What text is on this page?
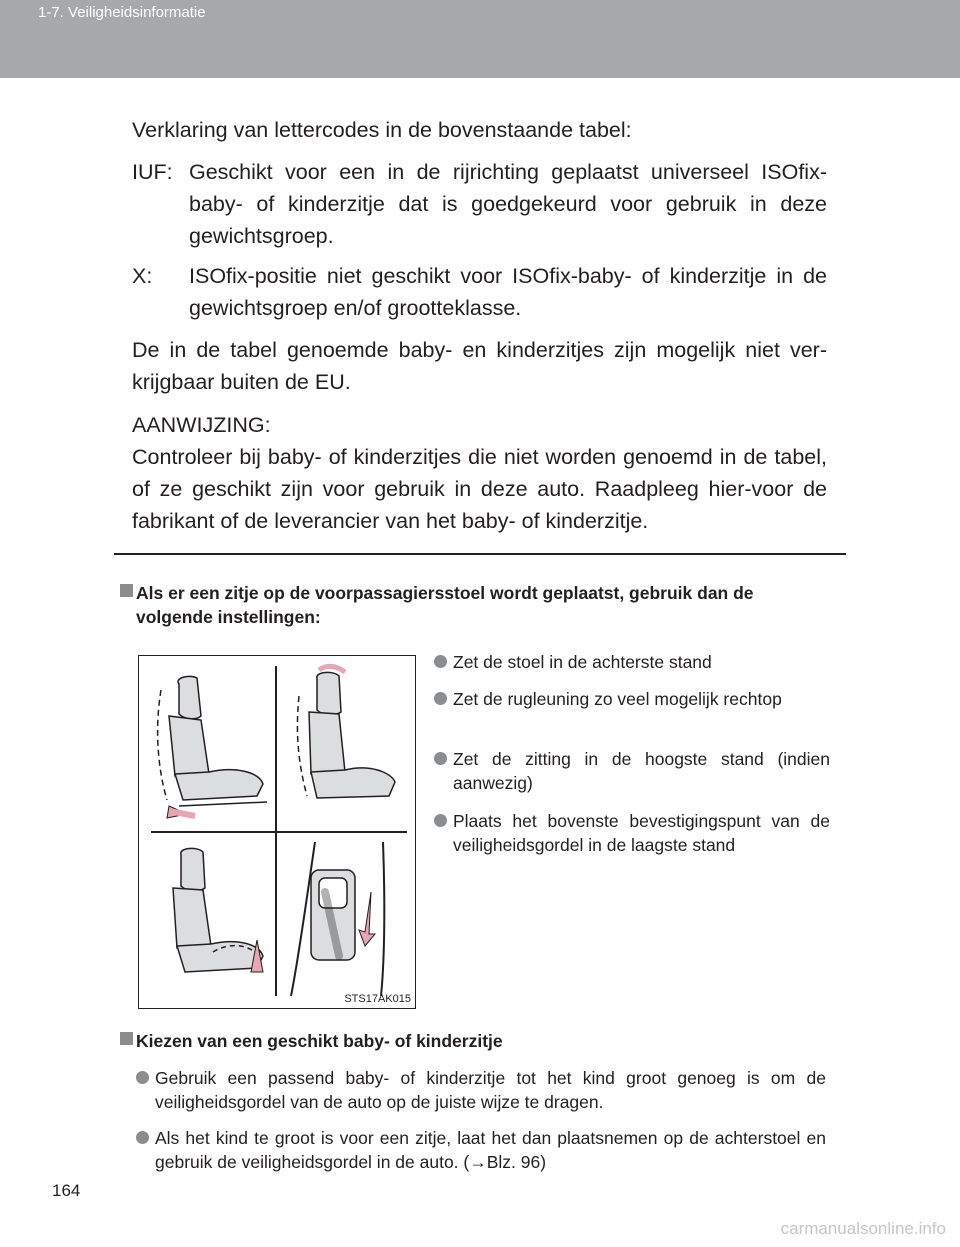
1-7. Veiligheidsinformatie

Verklaring van lettercodes in de bovenstaande tabel:

IUF: Geschikt voor een in de rijrichting geplaatst universeel ISOfix-baby- of kinderzitje dat is goedgekeurd voor gebruik in deze gewichtsgroep.
X:	ISOfix-positie niet geschikt voor ISOfix-baby- of kinderzitje in de gewichtsgroep en/of grootteklasse.
De in de tabel genoemde baby- en kinderzitjes zijn mogelijk niet ver-krijgbaar buiten de EU.
AANWIJZING:
Controleer bij baby- of kinderzitjes die niet worden genoemd in de tabel, of ze geschikt zijn voor gebruik in deze auto. Raadpleeg hier-voor de fabrikant of de leverancier van het baby- of kinderzitje.
Als er een zitje op de voorpassagiersstoel wordt geplaatst, gebruik dan de volgende instellingen:
STS17AK015
Zet de stoel in de achterste stand
Zet de rugleuning zo veel mogelijk rechtop
Zet de zitting in de hoogste stand (indien aanwezig)
Plaats het bovenste bevestigingspunt van de veiligheidsgordel in de laagste stand
Kiezen van een geschikt baby- of kinderzitje
Gebruik een passend baby- of kinderzitje tot het kind groot genoeg is om de veiligheidsgordel van de auto op de juiste wijze te dragen.
Als het kind te groot is voor een zitje, laat het dan plaatsnemen op de achterstoel en gebruik de veiligheidsgordel in de auto. (→Blz. 96)
164
carmanualsonline.info
